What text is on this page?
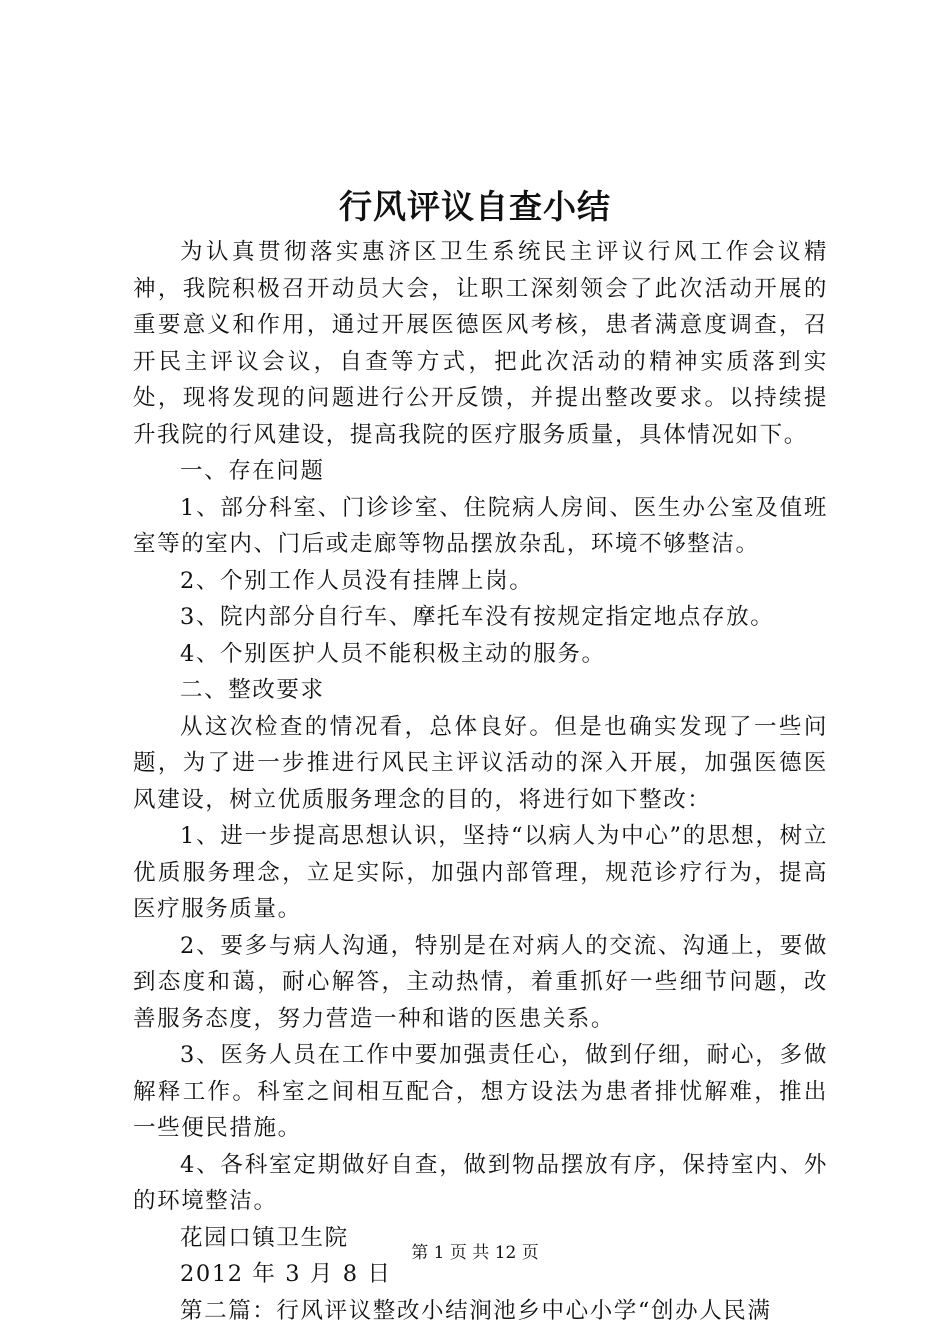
行风评议自查小结

为认真贯彻落实惠济区卫生系统民主评议行风工作会议精神，我院积极召开动员大会，让职工深刻领会了此次活动开展的重要意义和作用，通过开展医德医风考核，患者满意度调查，召开民主评议会议，自查等方式，把此次活动的精神实质落到实处，现将发现的问题进行公开反馈，并提出整改要求。以持续提升我院的行风建设，提高我院的医疗服务质量，具体情况如下。

一、存在问题

1、部分科室、门诊诊室、住院病人房间、医生办公室及值班室等的室内、门后或走廊等物品摆放杂乱，环境不够整洁。

2、个别工作人员没有挂牌上岗。

3、院内部分自行车、摩托车没有按规定指定地点存放。

4、个别医护人员不能积极主动的服务。

二、整改要求

从这次检查的情况看，总体良好。但是也确实发现了一些问题，为了进一步推进行风民主评议活动的深入开展，加强医德医风建设，树立优质服务理念的目的，将进行如下整改：

1、进一步提高思想认识，坚持“以病人为中心”的思想，树立优质服务理念，立足实际，加强内部管理，规范诊疗行为，提高医疗服务质量。

2、要多与病人沟通，特别是在对病人的交流、沟通上，要做到态度和蔼，耐心解答，主动热情，着重抓好一些细节问题，改善服务态度，努力营造一种和谐的医患关系。

3、医务人员在工作中要加强责任心，做到仔细，耐心，多做解释工作。科室之间相互配合，想方设法为患者排忧解难，推出一些便民措施。

4、各科室定期做好自查，做到物品摆放有序，保持室内、外的环境整洁。

花园口镇卫生院

2012 年 3 月 8 日

第二篇：行风评议整改小结涧池乡中心小学“创办人民满

第 1 页 共 12 页
